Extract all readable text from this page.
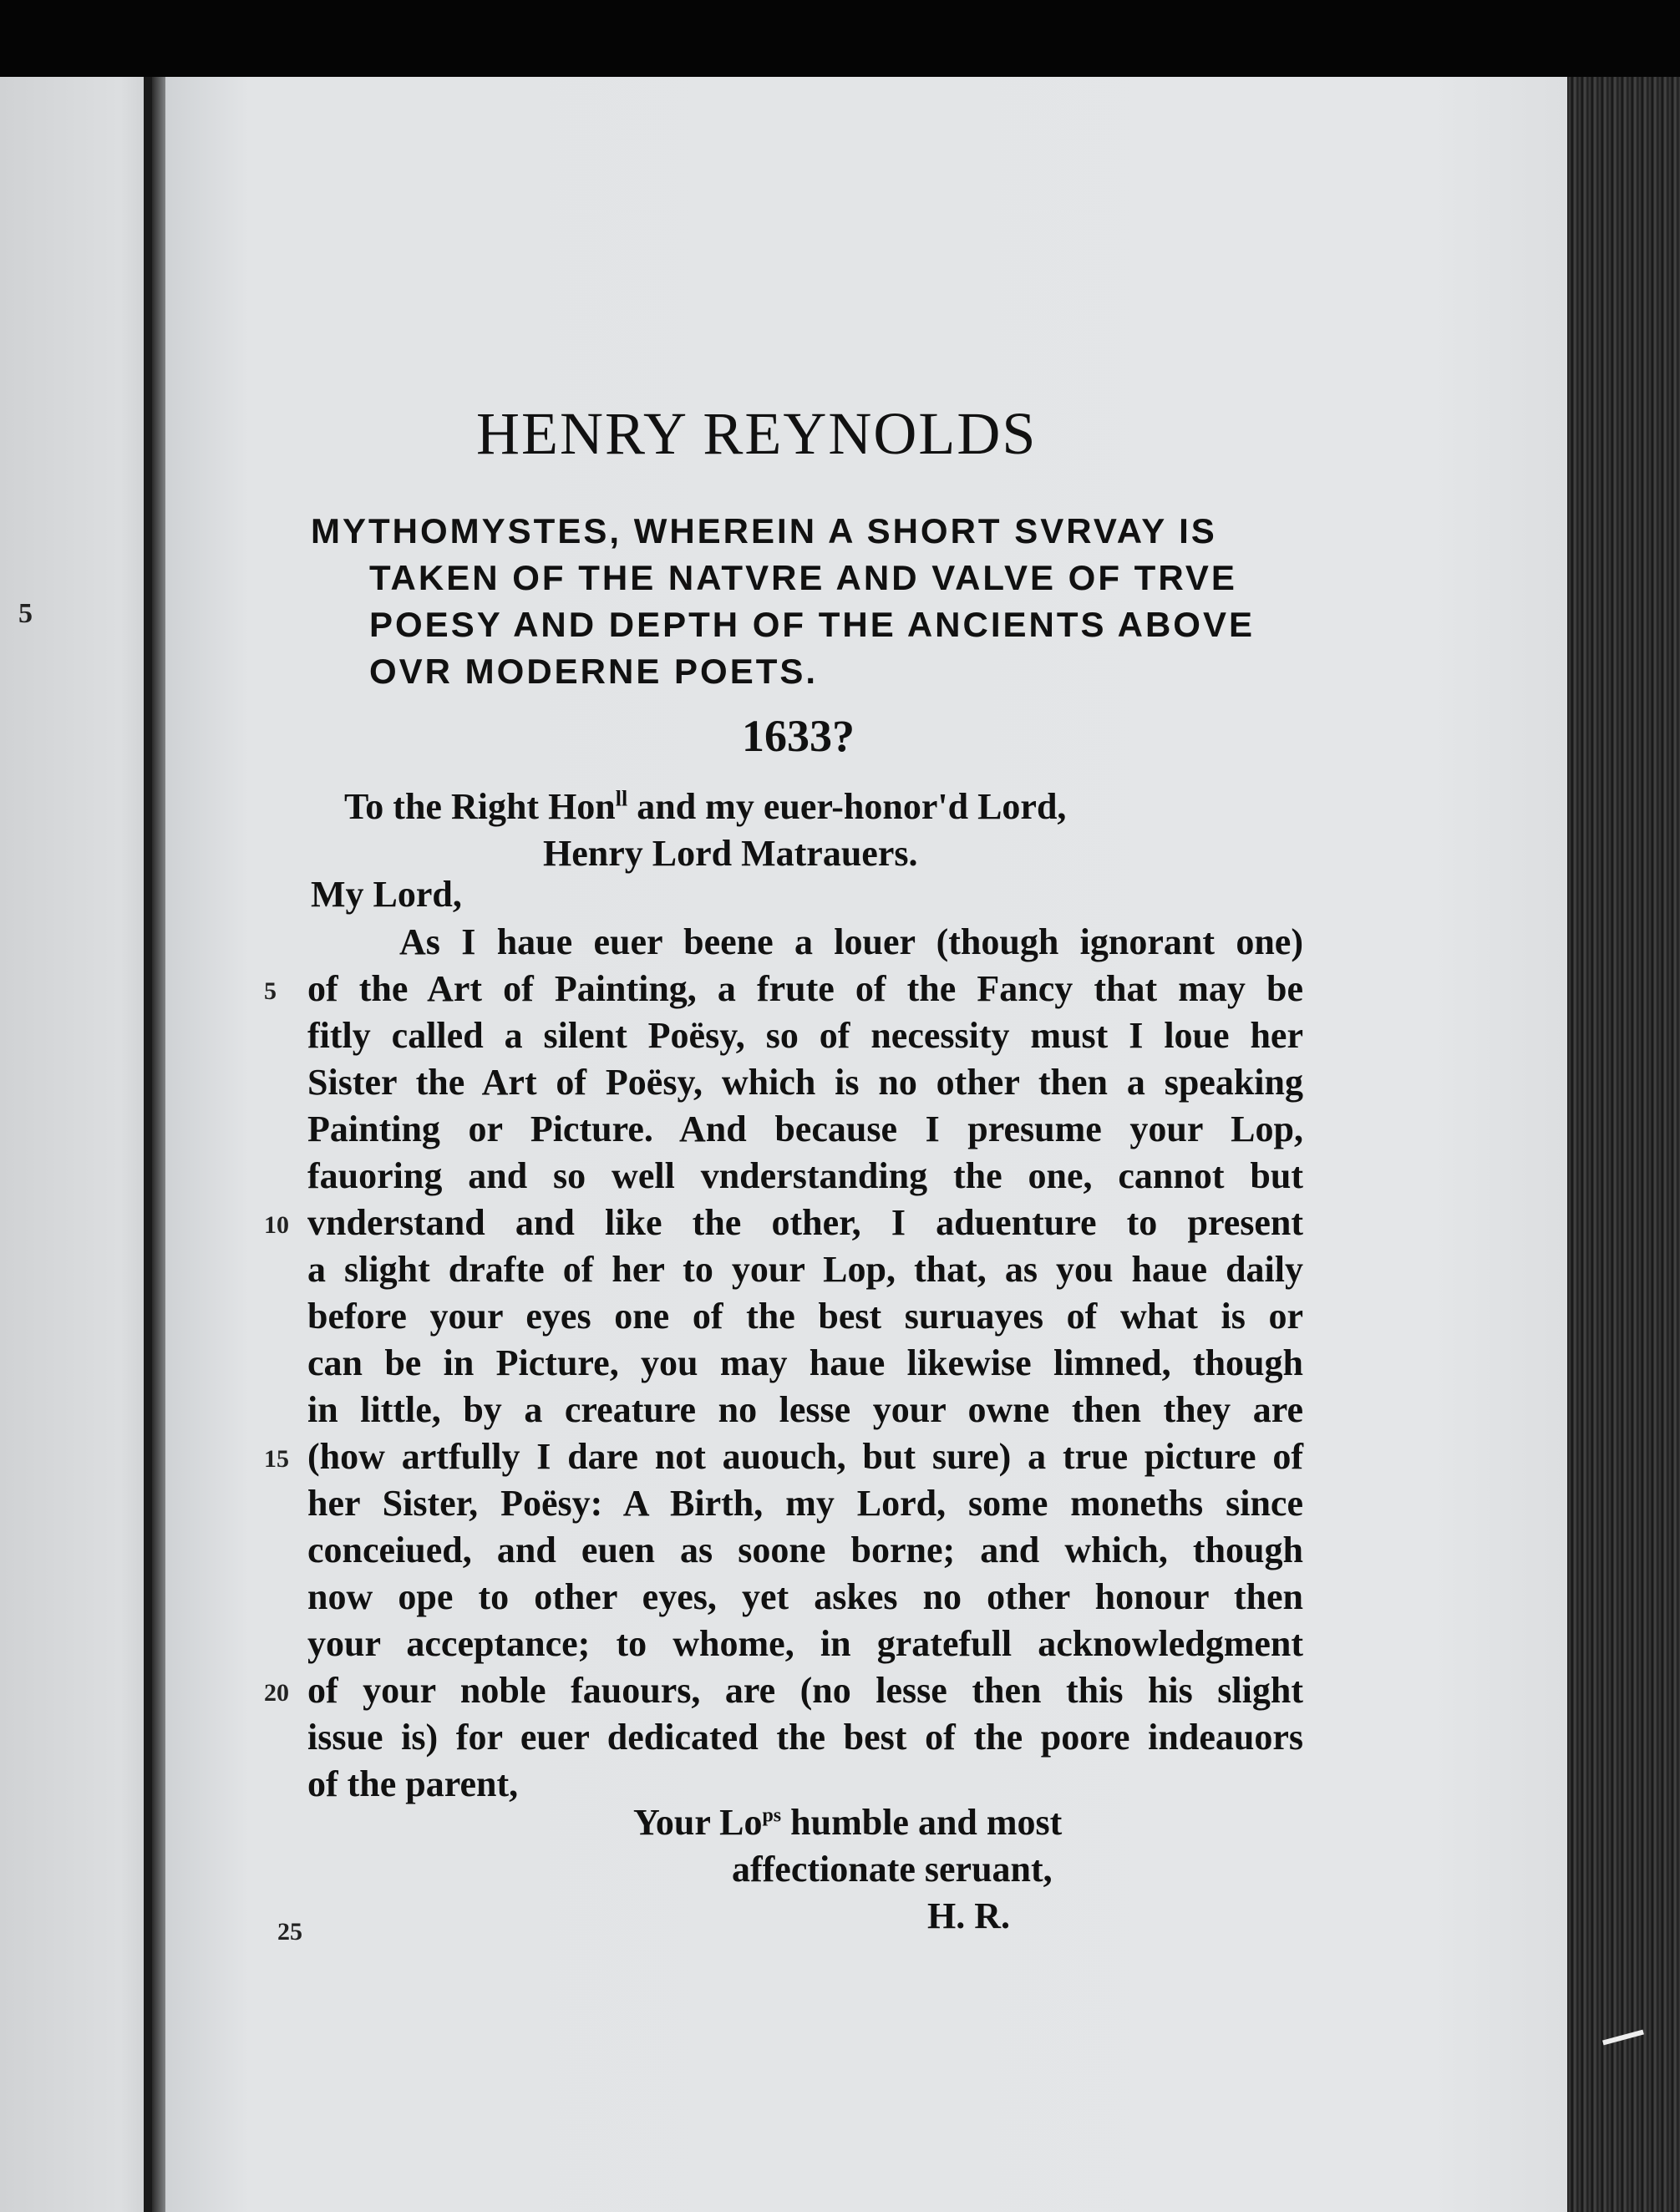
5
HENRY REYNOLDS
MYTHOMYSTES, WHEREIN A SHORT SVRVAY IS
TAKEN OF THE NATVRE AND VALVE OF TRVE
POESY AND DEPTH OF THE ANCIENTS ABOVE
OVR MODERNE POETS.
1633?
To the Right Hon$^{ll}$ and my euer-honor'd Lord,
Henry Lord Matrauers.
My Lord,
As I haue euer beene a louer (though ignorant one)
of the Art of Painting, a frute of the Fancy that may be
fitly called a silent Poësy, so of necessity must I loue her
Sister the Art of Poësy, which is no other then a speaking
Painting or Picture. And because I presume your Lop,
fauoring and so well vnderstanding the one, cannot but
vnderstand and like the other, I aduenture to present
a slight drafte of her to your Lop, that, as you haue daily
before your eyes one of the best suruayes of what is or
can be in Picture, you may haue likewise limned, though
in little, by a creature no lesse your owne then they are
(how artfully I dare not auouch, but sure) a true picture of
her Sister, Poësy: A Birth, my Lord, some moneths since
conceiued, and euen as soone borne; and which, though
now ope to other eyes, yet askes no other honour then
your acceptance; to whome, in gratefull acknowledgment
of your noble fauours, are (no lesse then this his slight
issue is) for euer dedicated the best of the poore indeauors
of the parent,
5
10
15
20
Your $Lo^{ps}$ humble and most
affectionate seruant,
H. R.
25
